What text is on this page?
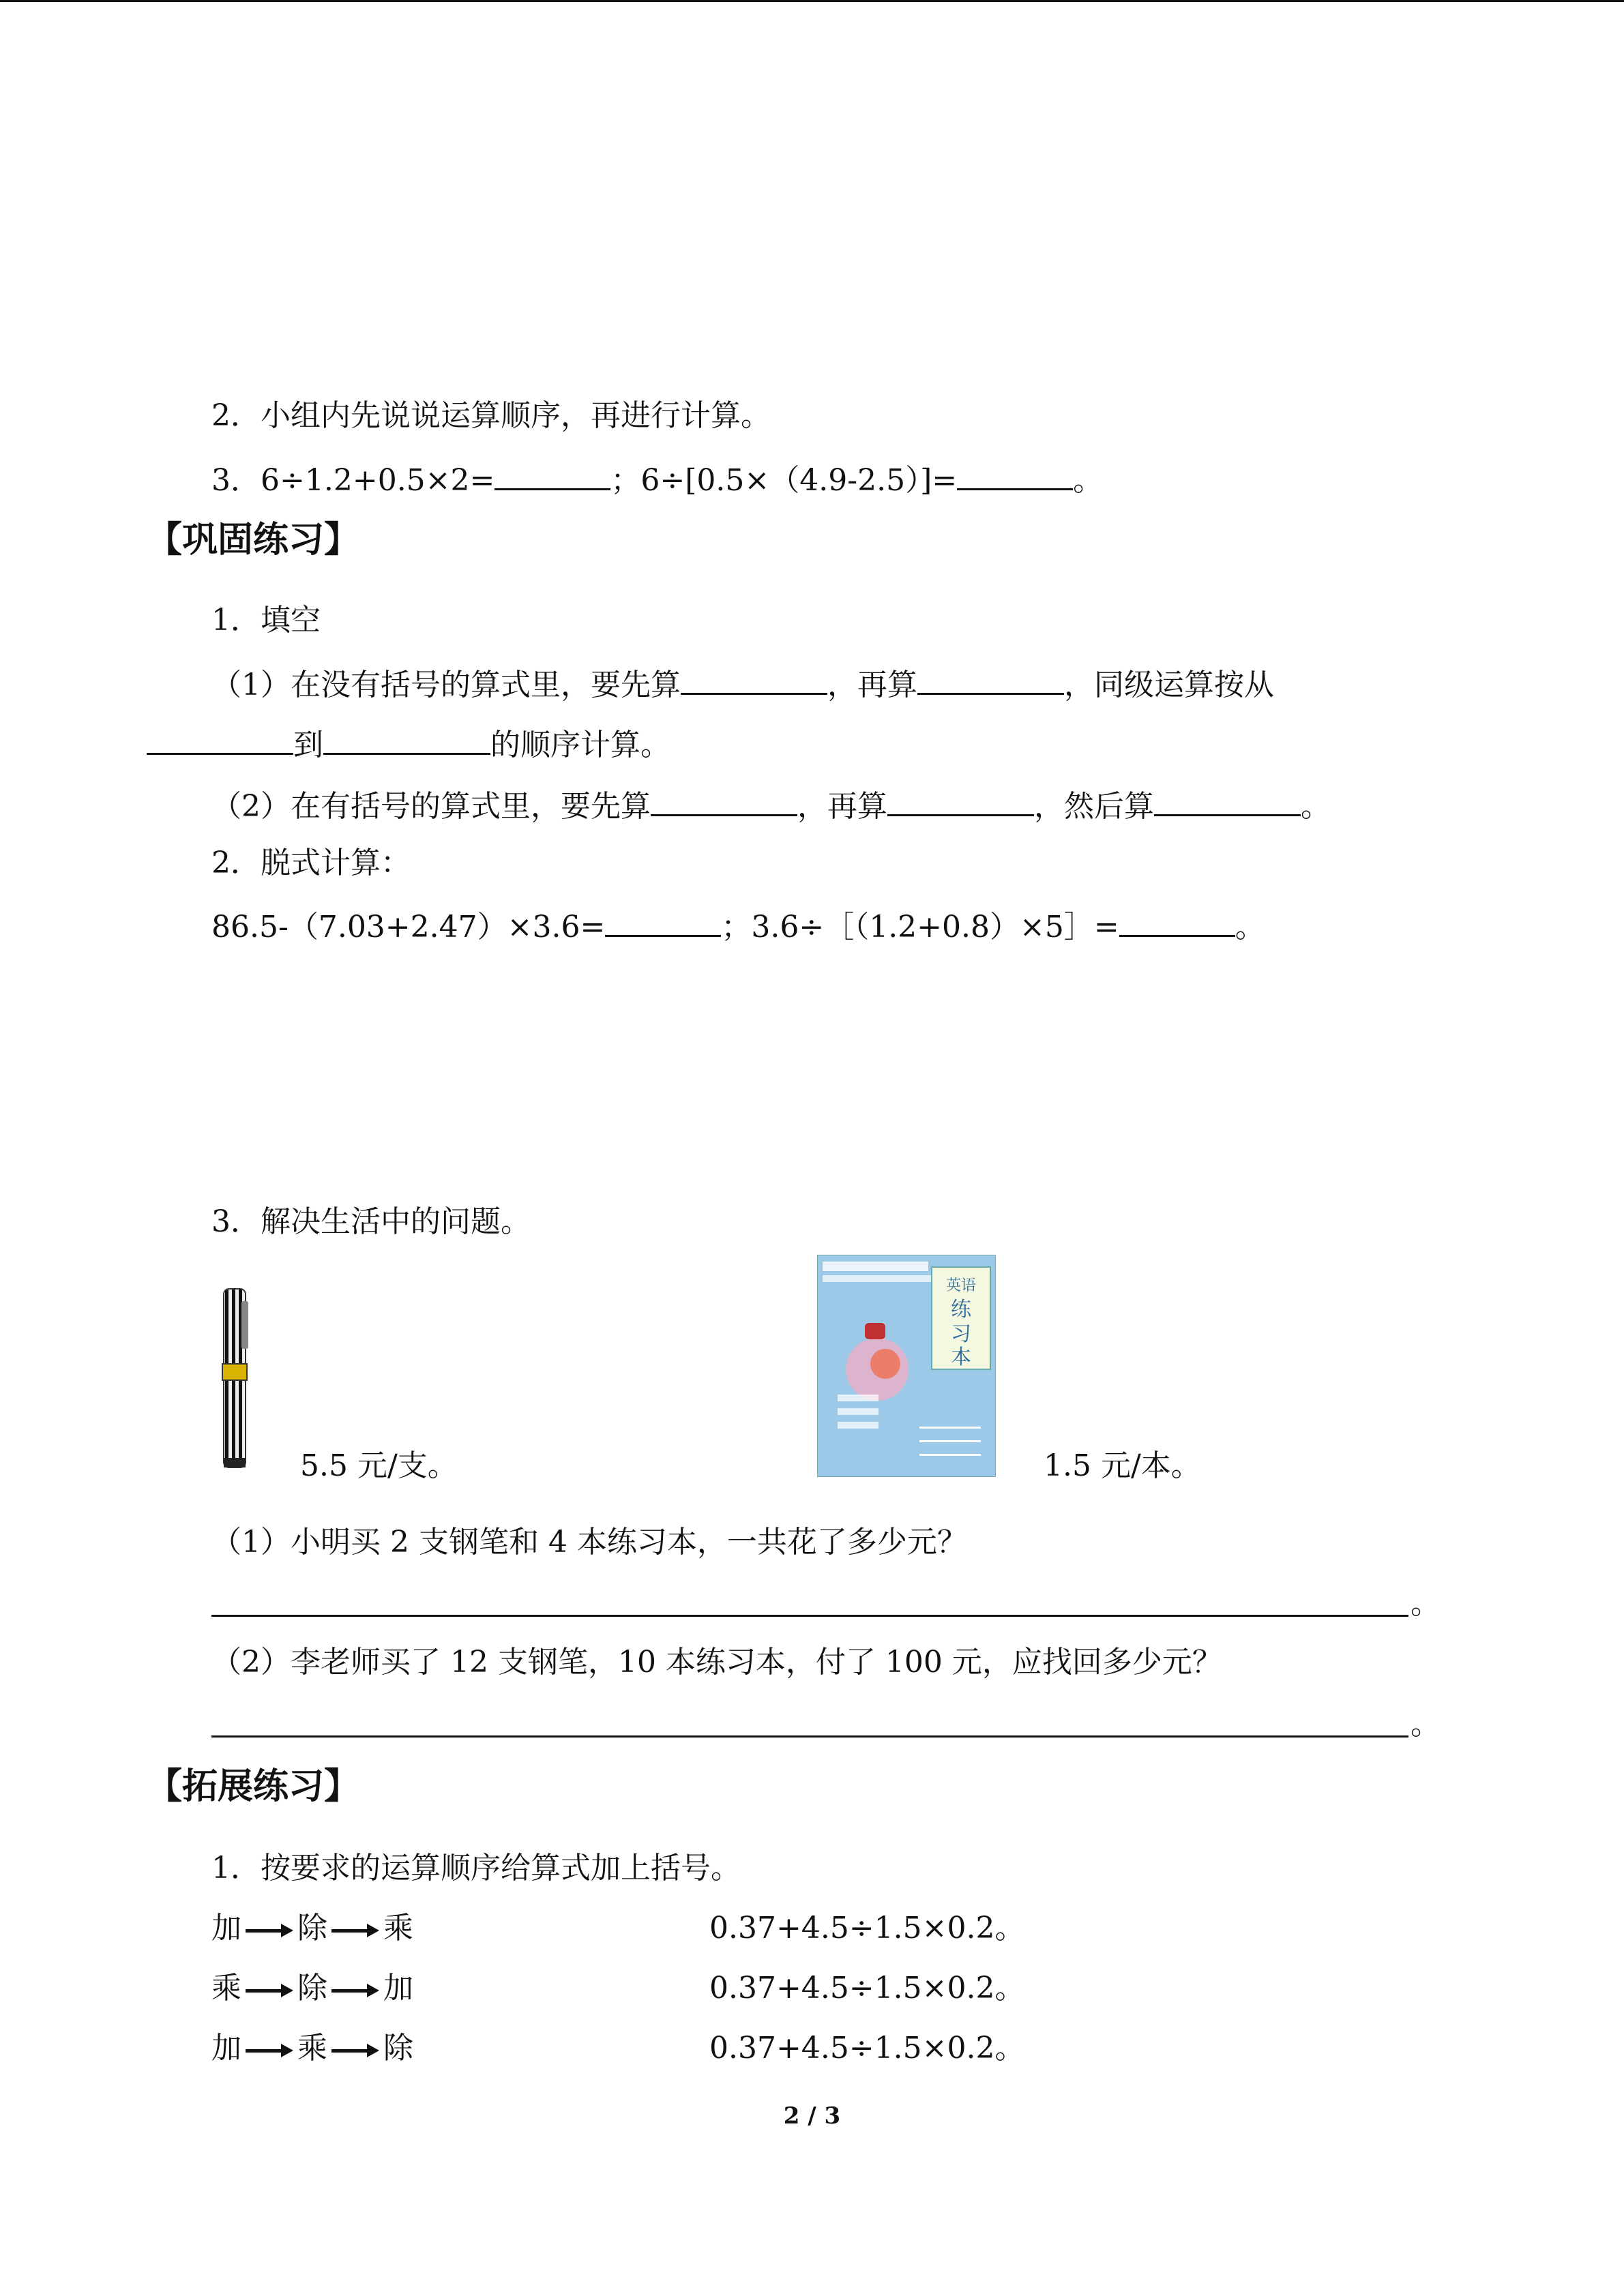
2．小组内先说说运算顺序，再进行计算。
3．6÷1.2+0.5×2=	；6÷[0.5×（4.9-2.5）]=	。
【巩固练习】
1．填空
（1）在没有括号的算式里，要先算	，再算	，同级运算按从
到	的顺序计算。
（2）在有括号的算式里，要先算	，再算	，然后算	。
2．脱式计算：
86.5-（7.03+2.47）×3.6=	；3.6÷［（1.2+0.8）×5］=	。
3．解决生活中的问题。
5.5 元/支。
英语
练
习
本
1.5 元/本。
（1）小明买 2 支钢笔和 4 本练习本，一共花了多少元？
。
（2）李老师买了 12 支钢笔，10 本练习本，付了 100 元，应找回多少元？
。
【拓展练习】
1．按要求的运算顺序给算式加上括号。
加 除 乘	0.37+4.5÷1.5×0.2。
乘 除 加	0.37+4.5÷1.5×0.2。
加 乘 除	0.37+4.5÷1.5×0.2。
2 / 3
